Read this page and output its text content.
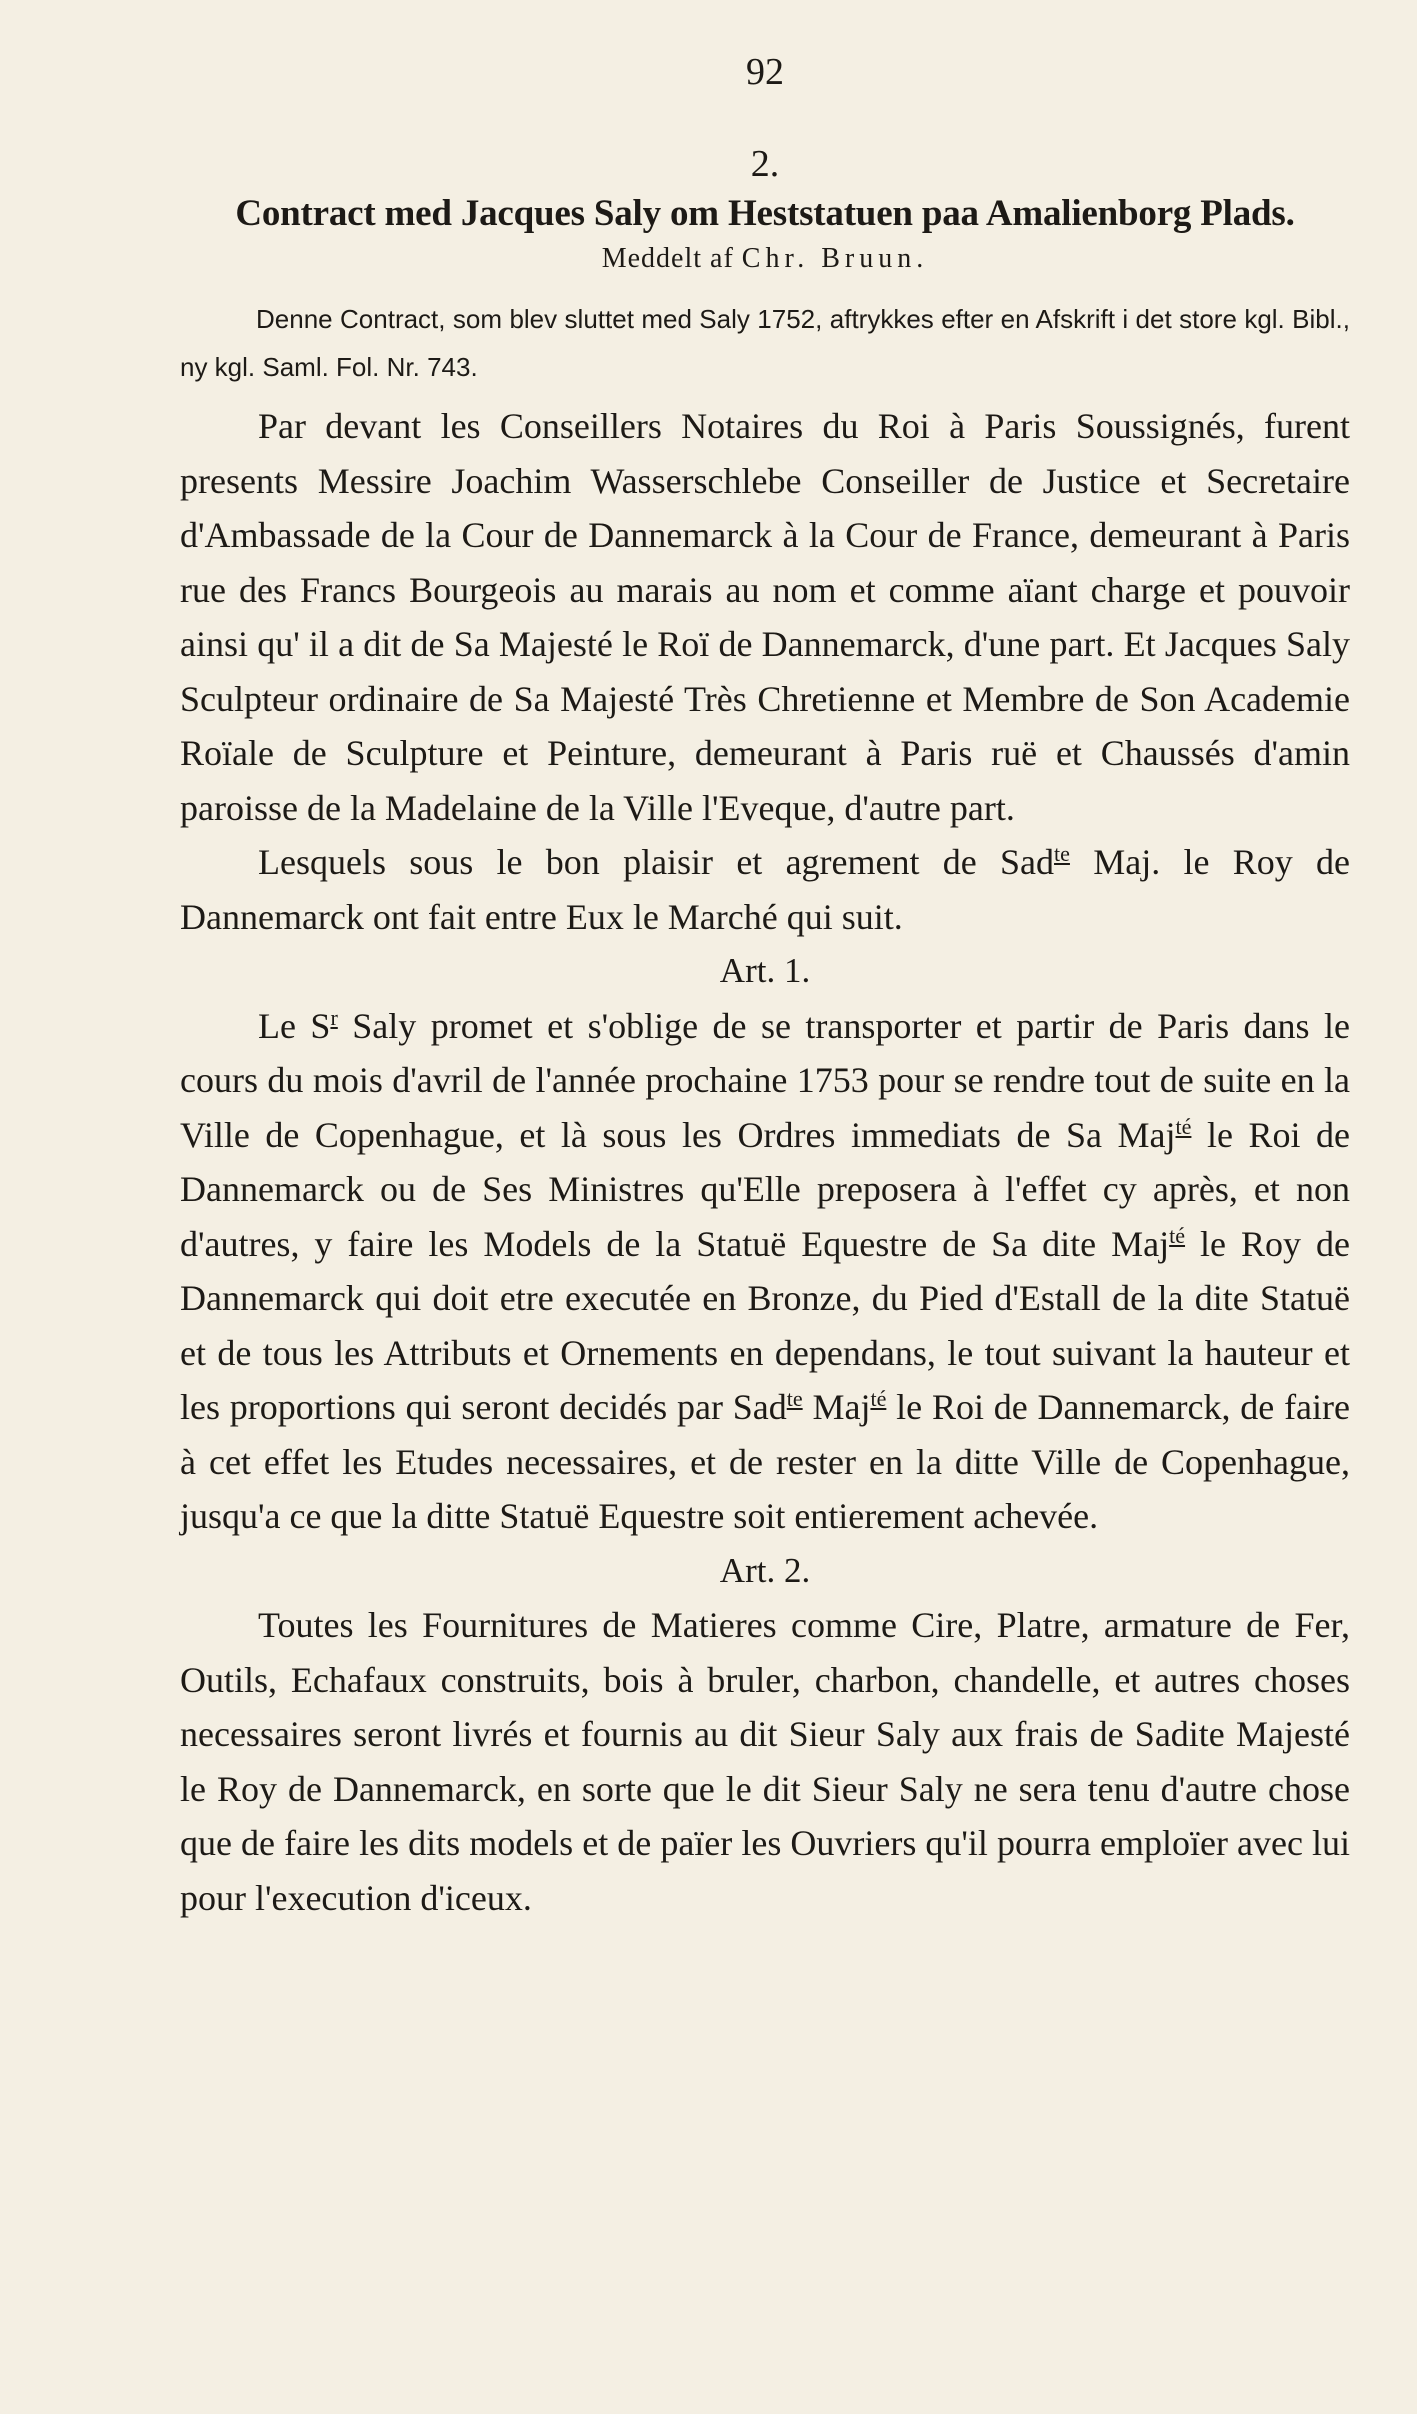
92
2.
Contract med Jacques Saly om Heststatuen paa Amalienborg Plads.
Meddelt af Chr. Bruun.

Denne Contract, som blev sluttet med Saly 1752, aftrykkes efter en Afskrift i det store kgl. Bibl., ny kgl. Saml. Fol. Nr. 743.

Par devant les Conseillers Notaires du Roi à Paris Soussignés, furent presents Messire Joachim Wasserschlebe Conseiller de Justice et Secretaire d'Ambassade de la Cour de Dannemarck à la Cour de France, demeurant à Paris rue des Francs Bourgeois au marais au nom et comme aïant charge et pouvoir ainsi qu' il a dit de Sa Majesté le Roï de Dannemarck, d'une part. Et Jacques Saly Sculpteur ordinaire de Sa Majesté Très Chretienne et Membre de Son Academie Roïale de Sculpture et Peinture, demeurant à Paris ruë et Chaussés d'amin paroisse de la Madelaine de la Ville l'Eveque, d'autre part.

Lesquels sous le bon plaisir et agrement de Sad$^{te}$ Maj. le Roy de Dannemarck ont fait entre Eux le Marché qui suit.

Art. 1.

Le $S^r$ Saly promet et s'oblige de se transporter et partir de Paris dans le cours du mois d'avril de l'année prochaine 1753 pour se rendre tout de suite en la Ville de Copenhague, et là sous les Ordres immediats de Sa Maj$^{té}$ le Roi de Dannemarck ou de Ses Ministres qu'Elle preposera à l'effet cy après, et non d'autres, y faire les Models de la Statuë Equestre de Sa dite Maj$^{té}$ le Roy de Dannemarck qui doit etre executée en Bronze, du Pied d'Estall de la dite Statuë et de tous les Attributs et Ornements en dependans, le tout suivant la hauteur et les proportions qui seront decidés par Sad$^{te}$ Maj$^{té}$ le Roi de Dannemarck, de faire à cet effet les Etudes necessaires, et de rester en la ditte Ville de Copenhague, jusqu'a ce que la ditte Statuë Equestre soit entierement achevée.

Art. 2.

Toutes les Fournitures de Matieres comme Cire, Platre, armature de Fer, Outils, Echafaux construits, bois à bruler, charbon, chandelle, et autres choses necessaires seront livrés et fournis au dit Sieur Saly aux frais de Sadite Majesté le Roy de Dannemarck, en sorte que le dit Sieur Saly ne sera tenu d'autre chose que de faire les dits models et de païer les Ouvriers qu'il pourra emploïer avec lui pour l'execution d'iceux.
